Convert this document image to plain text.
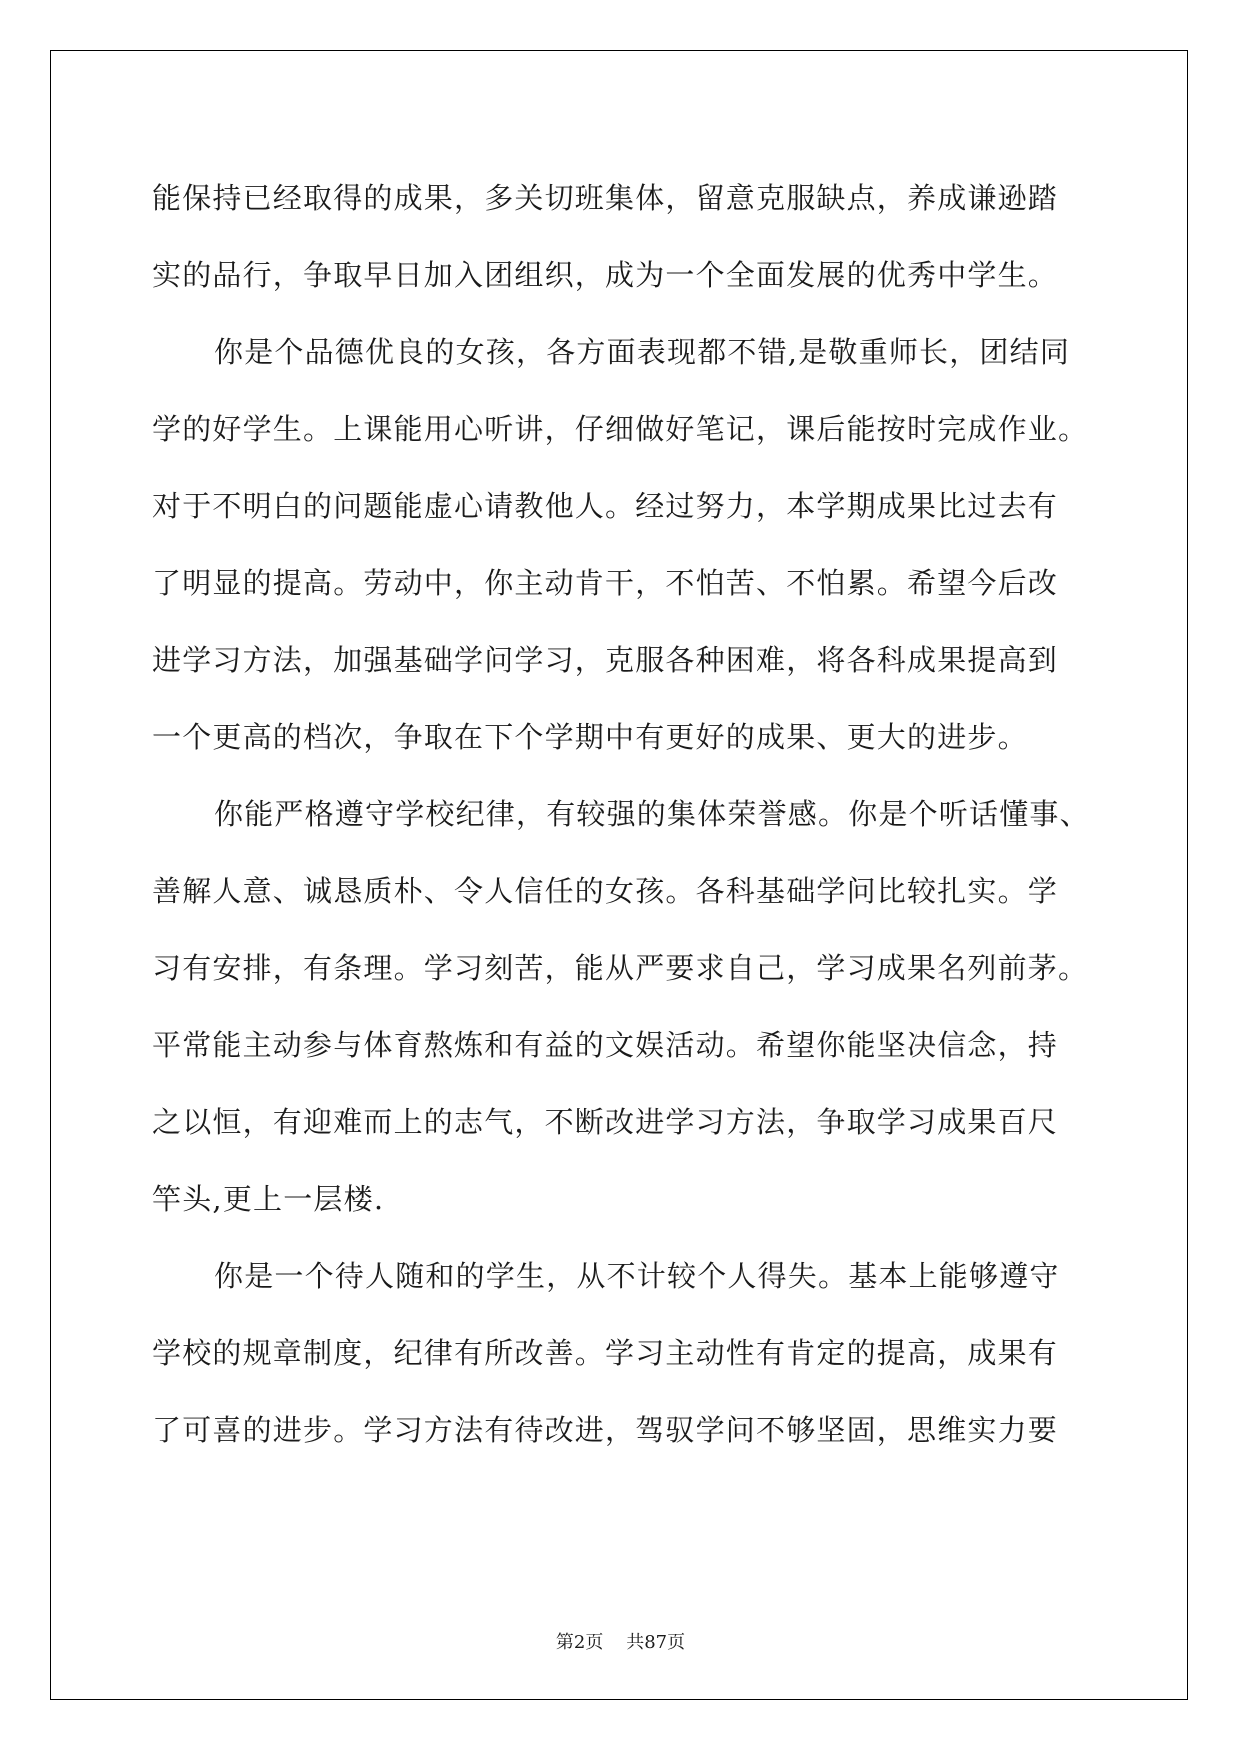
能保持已经取得的成果，多关切班集体，留意克服缺点，养成谦逊踏
实的品行，争取早日加入团组织，成为一个全面发展的优秀中学生。
你是个品德优良的女孩，各方面表现都不错,是敬重师长，团结同
学的好学生。上课能用心听讲，仔细做好笔记，课后能按时完成作业。
对于不明白的问题能虚心请教他人。经过努力，本学期成果比过去有
了明显的提高。劳动中，你主动肯干，不怕苦、不怕累。希望今后改
进学习方法，加强基础学问学习，克服各种困难，将各科成果提高到
一个更高的档次，争取在下个学期中有更好的成果、更大的进步。
你能严格遵守学校纪律，有较强的集体荣誉感。你是个听话懂事、
善解人意、诚恳质朴、令人信任的女孩。各科基础学问比较扎实。学
习有安排，有条理。学习刻苦，能从严要求自己，学习成果名列前茅。
平常能主动参与体育熬炼和有益的文娱活动。希望你能坚决信念，持
之以恒，有迎难而上的志气，不断改进学习方法，争取学习成果百尺
竿头,更上一层楼.
你是一个待人随和的学生，从不计较个人得失。基本上能够遵守
学校的规章制度，纪律有所改善。学习主动性有肯定的提高，成果有
了可喜的进步。学习方法有待改进，驾驭学问不够坚固，思维实力要
第2页 共87页
